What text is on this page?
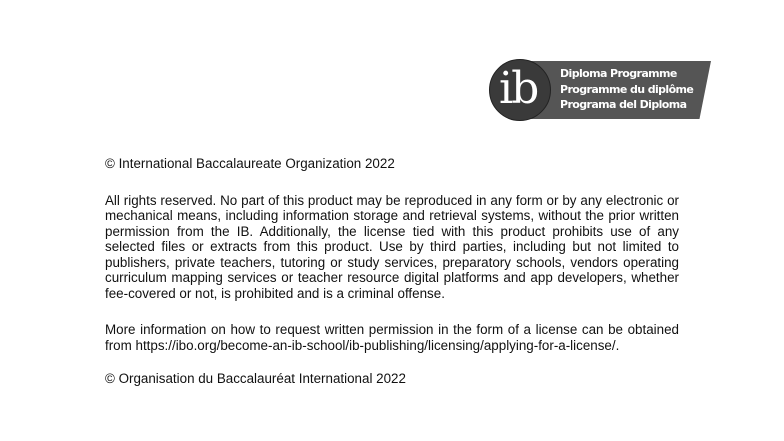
ib Diploma Programme
Programme du diplôme
Programa del Diploma

© International Baccalaureate Organization 2022

All rights reserved. No part of this product may be reproduced in any form or by any electronic or mechanical means, including information storage and retrieval systems, without the prior written permission from the IB. Additionally, the license tied with this product prohibits use of any selected files or extracts from this product. Use by third parties, including but not limited to publishers, private teachers, tutoring or study services, preparatory schools, vendors operating curriculum mapping services or teacher resource digital platforms and app developers, whether fee-covered or not, is prohibited and is a criminal offense.

More information on how to request written permission in the form of a license can be obtained from https://ibo.org/become-an-ib-school/ib-publishing/licensing/applying-for-a-license/.

© Organisation du Baccalauréat International 2022
